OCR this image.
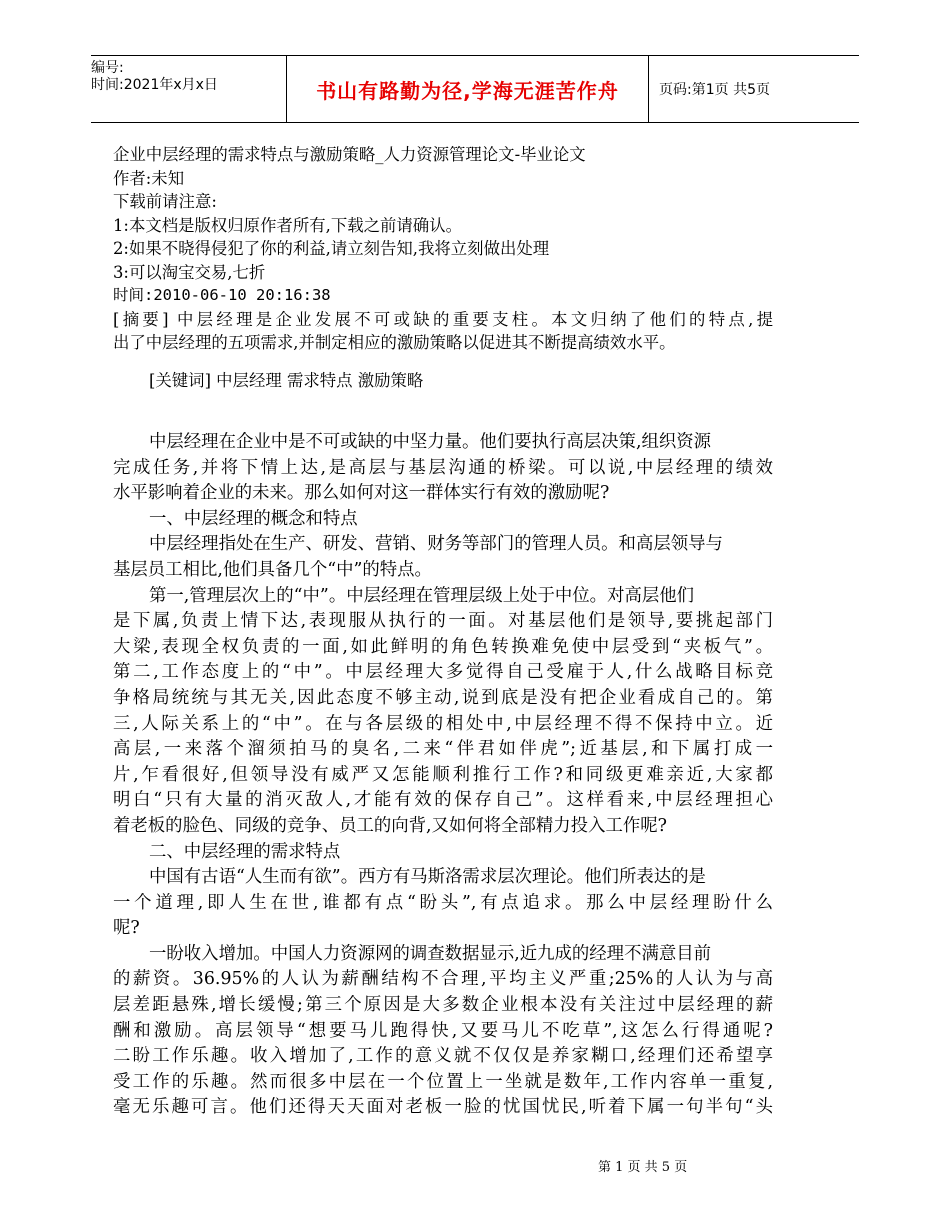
编号:
时间:2021年x月x日	书山有路勤为径,学海无涯苦作舟	页码:第1页 共5页
企业中层经理的需求特点与激励策略_人力资源管理论文-毕业论文
作者:未知
下载前请注意:
1:本文档是版权归原作者所有,下载之前请确认。
2:如果不晓得侵犯了你的利益,请立刻告知,我将立刻做出处理
3:可以淘宝交易,七折
时间:2010-06-10 20:16:38
[摘要] 中层经理是企业发展不可或缺的重要支柱。本文归纳了他们的特点,提
出了中层经理的五项需求,并制定相应的激励策略以促进其不断提高绩效水平。
[关键词] 中层经理 需求特点 激励策略
中层经理在企业中是不可或缺的中坚力量。他们要执行高层决策,组织资源
完成任务,并将下情上达,是高层与基层沟通的桥梁。可以说,中层经理的绩效
水平影响着企业的未来。那么如何对这一群体实行有效的激励呢?
一、中层经理的概念和特点
中层经理指处在生产、研发、营销、财务等部门的管理人员。和高层领导与
基层员工相比,他们具备几个“中”的特点。
第一,管理层次上的“中”。中层经理在管理层级上处于中位。对高层他们
是下属,负责上情下达,表现服从执行的一面。对基层他们是领导,要挑起部门
大梁,表现全权负责的一面,如此鲜明的角色转换难免使中层受到“夹板气”。
第二,工作态度上的“中”。中层经理大多觉得自己受雇于人,什么战略目标竞
争格局统统与其无关,因此态度不够主动,说到底是没有把企业看成自己的。第
三,人际关系上的“中”。在与各层级的相处中,中层经理不得不保持中立。近
高层,一来落个溜须拍马的臭名,二来“伴君如伴虎”;近基层,和下属打成一
片,乍看很好,但领导没有威严又怎能顺利推行工作?和同级更难亲近,大家都
明白“只有大量的消灭敌人,才能有效的保存自己”。这样看来,中层经理担心
着老板的脸色、同级的竞争、员工的向背,又如何将全部精力投入工作呢?
二、中层经理的需求特点
中国有古语“人生而有欲”。西方有马斯洛需求层次理论。他们所表达的是
一个道理,即人生在世,谁都有点“盼头”,有点追求。那么中层经理盼什么
呢?
一盼收入增加。中国人力资源网的调查数据显示,近九成的经理不满意目前
的薪资。36.95%的人认为薪酬结构不合理,平均主义严重;25%的人认为与高
层差距悬殊,增长缓慢;第三个原因是大多数企业根本没有关注过中层经理的薪
酬和激励。高层领导“想要马儿跑得快,又要马儿不吃草”,这怎么行得通呢?
二盼工作乐趣。收入增加了,工作的意义就不仅仅是养家糊口,经理们还希望享
受工作的乐趣。然而很多中层在一个位置上一坐就是数年,工作内容单一重复,
毫无乐趣可言。他们还得天天面对老板一脸的忧国忧民,听着下属一句半句“头
第 1 页 共 5 页
